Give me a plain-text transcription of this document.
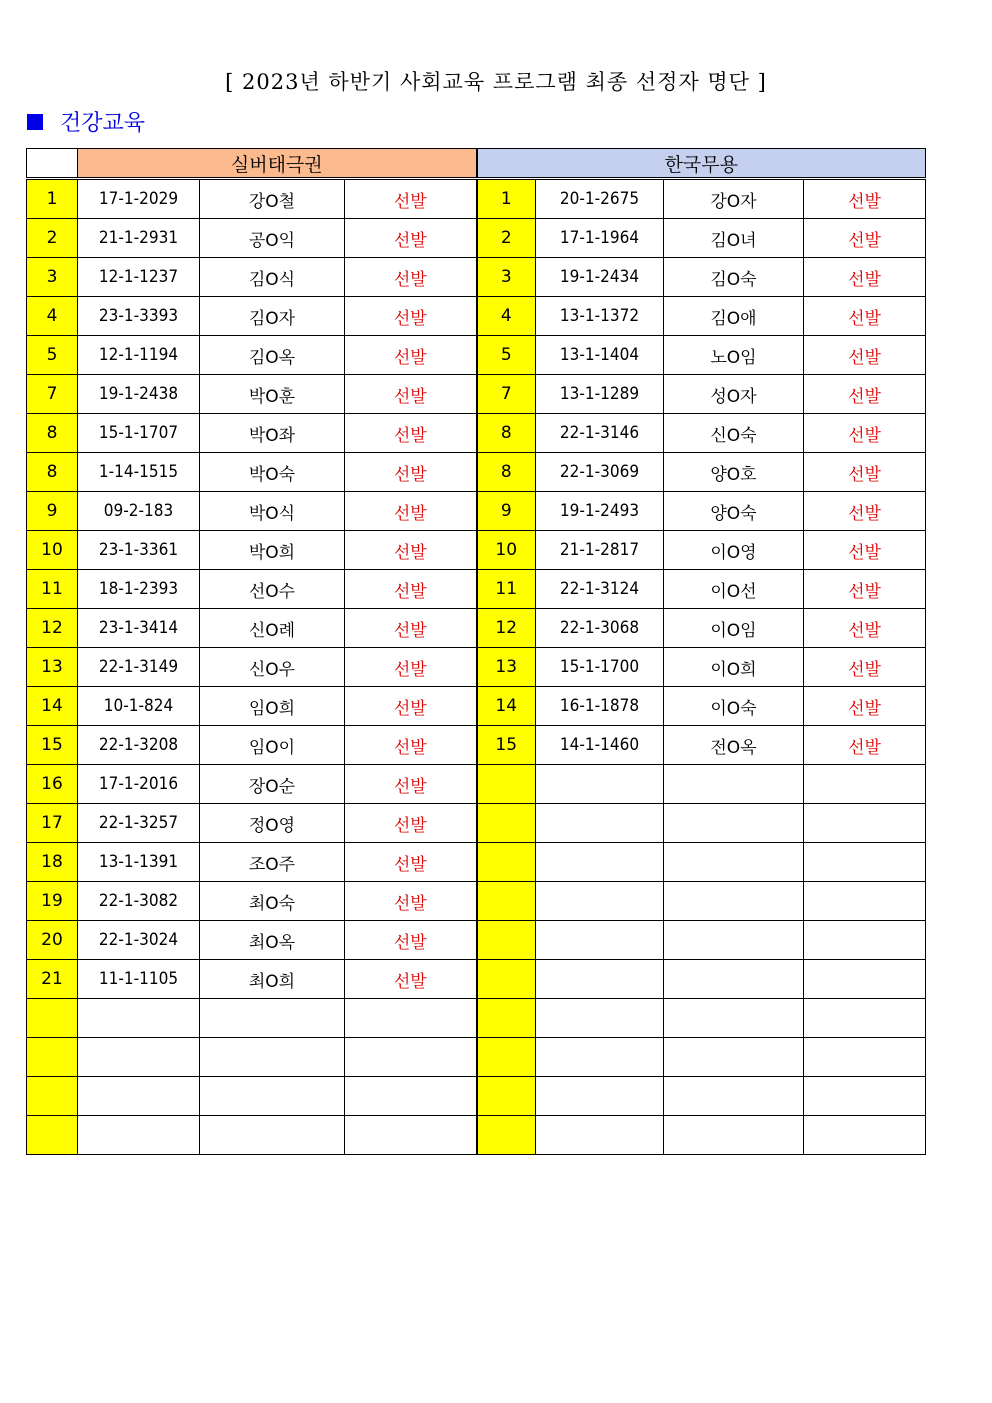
[ 2023년 하반기 사회교육 프로그램 최종 선정자 명단 ]
건강교육
	실버태극권			한국무용			
1	17-1-2029	강O철	선발	1	20-1-2675	강O자	선발
2	21-1-2931	공O익	선발	2	17-1-1964	김O녀	선발
3	12-1-1237	김O식	선발	3	19-1-2434	김O숙	선발
4	23-1-3393	김O자	선발	4	13-1-1372	김O애	선발
5	12-1-1194	김O옥	선발	5	13-1-1404	노O임	선발
7	19-1-2438	박O훈	선발	7	13-1-1289	성O자	선발
8	15-1-1707	박O좌	선발	8	22-1-3146	신O숙	선발
8	1-14-1515	박O숙	선발	8	22-1-3069	양O호	선발
9	09-2-183	박O식	선발	9	19-1-2493	양O숙	선발
10	23-1-3361	박O희	선발	10	21-1-2817	이O영	선발
11	18-1-2393	선O수	선발	11	22-1-3124	이O선	선발
12	23-1-3414	신O례	선발	12	22-1-3068	이O임	선발
13	22-1-3149	신O우	선발	13	15-1-1700	이O희	선발
14	10-1-824	임O희	선발	14	16-1-1878	이O숙	선발
15	22-1-3208	임O이	선발	15	14-1-1460	전O옥	선발
16	17-1-2016	장O순	선발				
17	22-1-3257	정O영	선발				
18	13-1-1391	조O주	선발				
19	22-1-3082	최O숙	선발				
20	22-1-3024	최O옥	선발				
21	11-1-1105	최O희	선발				
